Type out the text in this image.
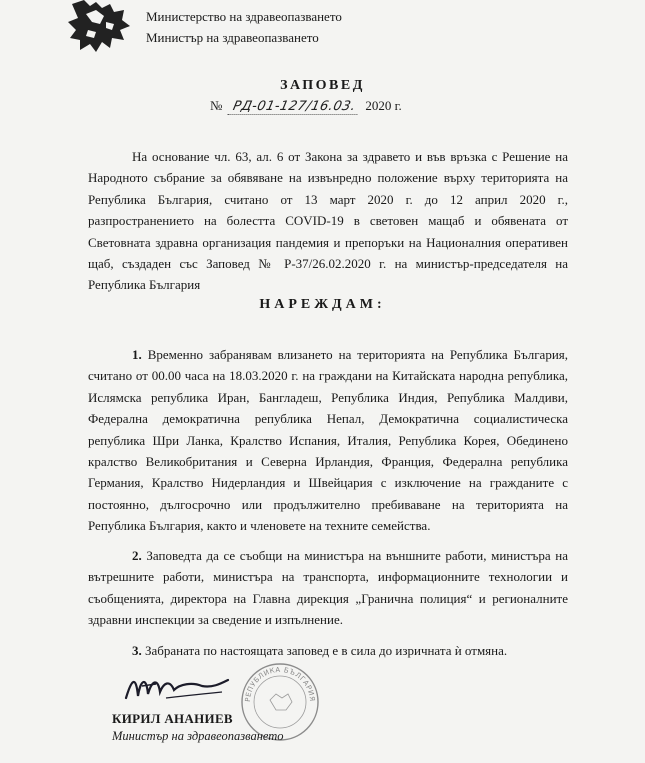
Министерство на здравеопазването
Министър на здравеопазването
ЗАПОВЕД
№ РД-01-127/16.03. 2020 г.
На основание чл. 63, ал. 6 от Закона за здравето и във връзка с Решение на Народното събрание за обявяване на извънредно положение върху територията на Република България, считано от 13 март 2020 г. до 12 април 2020 г., разпространението на болестта COVID-19 в световен мащаб и обявената от Световната здравна организация пандемия и препоръки на Националния оперативен щаб, създаден със Заповед № Р-37/26.02.2020 г. на министър-председателя на Република България
НАРЕЖДАМ:
1. Временно забранявам влизането на територията на Република България, считано от 00.00 часа на 18.03.2020 г. на граждани на Китайската народна република, Ислямска република Иран, Бангладеш, Република Индия, Република Малдиви, Федерална демократична република Непал, Демократична социалистическа република Шри Ланка, Кралство Испания, Италия, Република Корея, Обединено кралство Великобритания и Северна Ирландия, Франция, Федерална република Германия, Кралство Нидерландия и Швейцария с изключение на гражданите с постоянно, дългосрочно или продължително пребиваване на територията на Република България, както и членовете на техните семейства.
2. Заповедта да се съобщи на министъра на външните работи, министъра на вътрешните работи, министъра на транспорта, информационните технологии и съобщенията, директора на Главна дирекция „Гранична полиция“ и регионалните здравни инспекции за сведение и изпълнение.
3. Забраната по настоящата заповед е в сила до изричната ѝ отмяна.
РЕПУБЛИКА БЪЛГАРИЯ
КИРИЛ АНАНИЕВ
Министър на здравеопазването
